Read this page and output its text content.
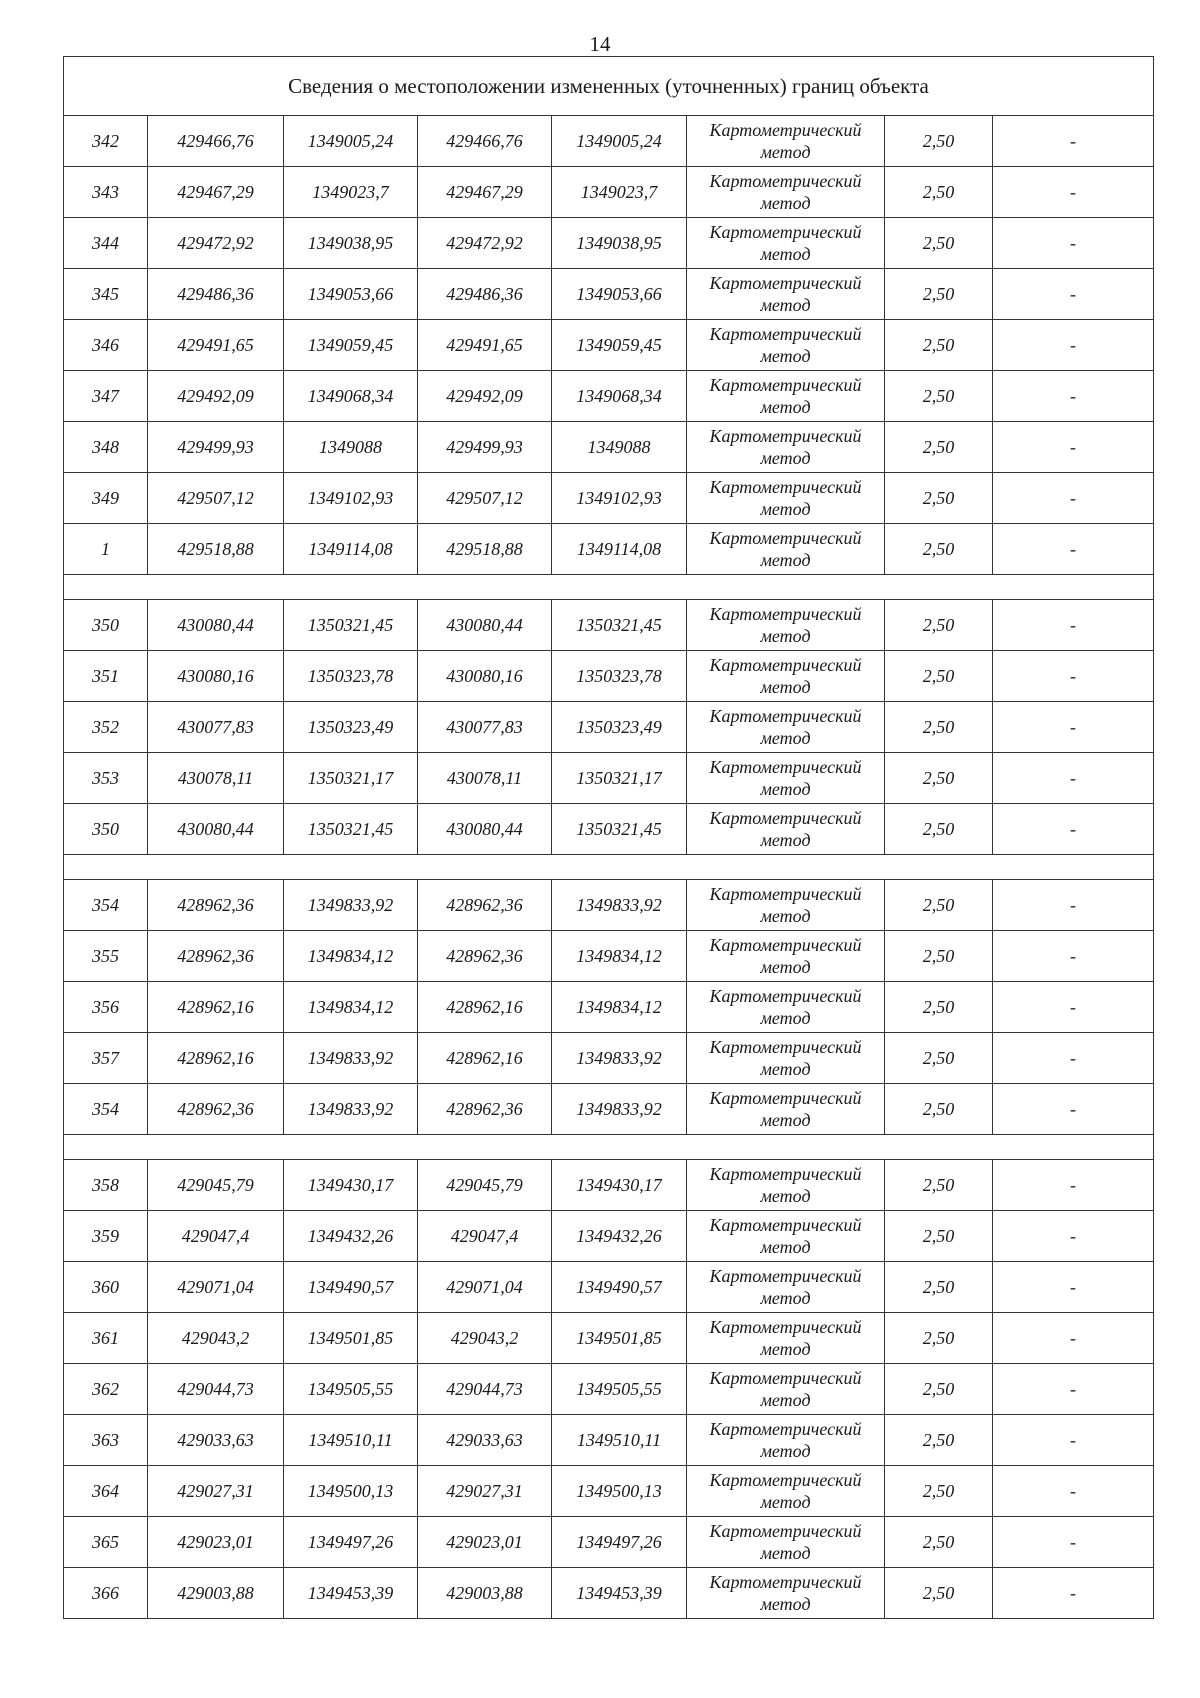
14
Сведения о местоположении измененных (уточненных) границ объекта							
342	429466,76	1349005,24	429466,76	1349005,24	Картометрический
метод	2,50	-
343	429467,29	1349023,7	429467,29	1349023,7	Картометрический
метод	2,50	-
344	429472,92	1349038,95	429472,92	1349038,95	Картометрический
метод	2,50	-
345	429486,36	1349053,66	429486,36	1349053,66	Картометрический
метод	2,50	-
346	429491,65	1349059,45	429491,65	1349059,45	Картометрический
метод	2,50	-
347	429492,09	1349068,34	429492,09	1349068,34	Картометрический
метод	2,50	-
348	429499,93	1349088	429499,93	1349088	Картометрический
метод	2,50	-
349	429507,12	1349102,93	429507,12	1349102,93	Картометрический
метод	2,50	-
1	429518,88	1349114,08	429518,88	1349114,08	Картометрический
метод	2,50	-

350	430080,44	1350321,45	430080,44	1350321,45	Картометрический
метод	2,50	-
351	430080,16	1350323,78	430080,16	1350323,78	Картометрический
метод	2,50	-
352	430077,83	1350323,49	430077,83	1350323,49	Картометрический
метод	2,50	-
353	430078,11	1350321,17	430078,11	1350321,17	Картометрический
метод	2,50	-
350	430080,44	1350321,45	430080,44	1350321,45	Картометрический
метод	2,50	-

354	428962,36	1349833,92	428962,36	1349833,92	Картометрический
метод	2,50	-
355	428962,36	1349834,12	428962,36	1349834,12	Картометрический
метод	2,50	-
356	428962,16	1349834,12	428962,16	1349834,12	Картометрический
метод	2,50	-
357	428962,16	1349833,92	428962,16	1349833,92	Картометрический
метод	2,50	-
354	428962,36	1349833,92	428962,36	1349833,92	Картометрический
метод	2,50	-

358	429045,79	1349430,17	429045,79	1349430,17	Картометрический
метод	2,50	-
359	429047,4	1349432,26	429047,4	1349432,26	Картометрический
метод	2,50	-
360	429071,04	1349490,57	429071,04	1349490,57	Картометрический
метод	2,50	-
361	429043,2	1349501,85	429043,2	1349501,85	Картометрический
метод	2,50	-
362	429044,73	1349505,55	429044,73	1349505,55	Картометрический
метод	2,50	-
363	429033,63	1349510,11	429033,63	1349510,11	Картометрический
метод	2,50	-
364	429027,31	1349500,13	429027,31	1349500,13	Картометрический
метод	2,50	-
365	429023,01	1349497,26	429023,01	1349497,26	Картометрический
метод	2,50	-
366	429003,88	1349453,39	429003,88	1349453,39	Картометрический
метод	2,50	-
